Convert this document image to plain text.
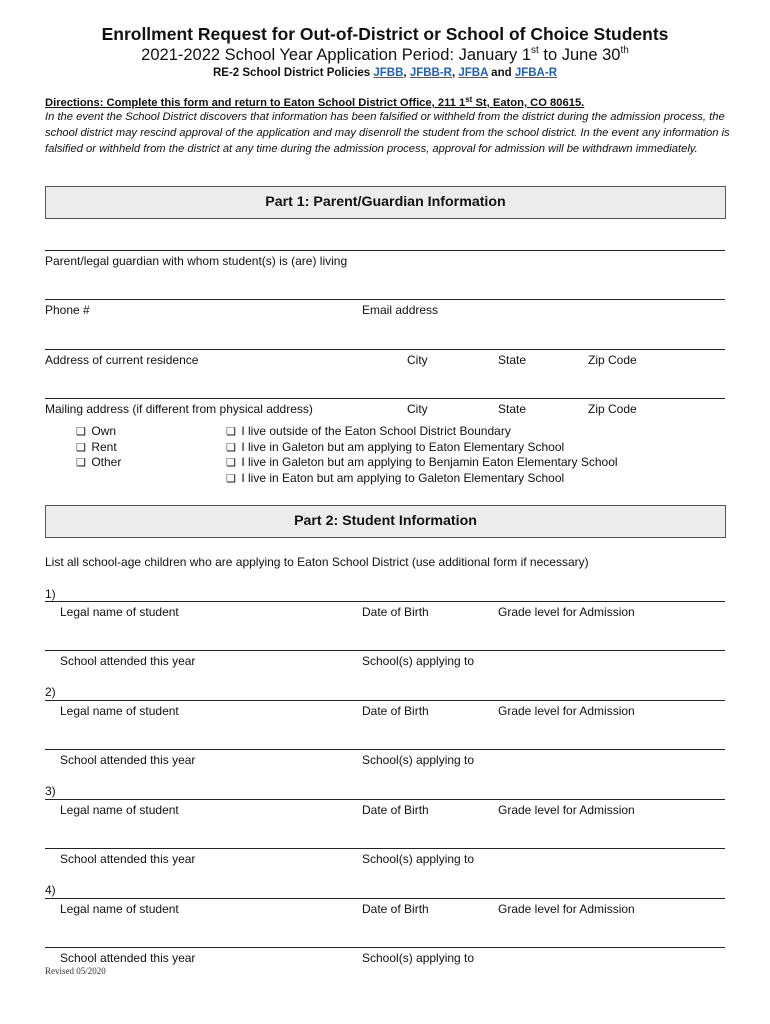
Enrollment Request for Out-of-District or School of Choice Students
2021-2022 School Year Application Period: January 1st to June 30th
RE-2 School District Policies JFBB, JFBB-R, JFBA and JFBA-R
Directions: Complete this form and return to Eaton School District Office, 211 1st St, Eaton, CO 80615.
In the event the School District discovers that information has been falsified or withheld from the district during the admission process, the school district may rescind approval of the application and may disenroll the student from the school district. In the event any information is falsified or withheld from the district at any time during the admission process, approval for admission will be withdrawn immediately.
Part 1: Parent/Guardian Information
Parent/legal guardian with whom student(s) is (are) living
Phone #	Email address
Address of current residence	City	State	Zip Code
Mailing address (if different from physical address)	City	State	Zip Code
❏ Own
❏ Rent
❏ Other
❏ I live outside of the Eaton School District Boundary
❏ I live in Galeton but am applying to Eaton Elementary School
❏ I live in Galeton but am applying to Benjamin Eaton Elementary School
❏ I live in Eaton but am applying to Galeton Elementary School
Part 2: Student Information
List all school-age children who are applying to Eaton School District (use additional form if necessary)
1)
Legal name of student	Date of Birth	Grade level for Admission
School attended this year	School(s) applying to
2)
Legal name of student	Date of Birth	Grade level for Admission
School attended this year	School(s) applying to
3)
Legal name of student	Date of Birth	Grade level for Admission
School attended this year	School(s) applying to
4)
Legal name of student	Date of Birth	Grade level for Admission
School attended this year	School(s) applying to
Revised 05/2020
